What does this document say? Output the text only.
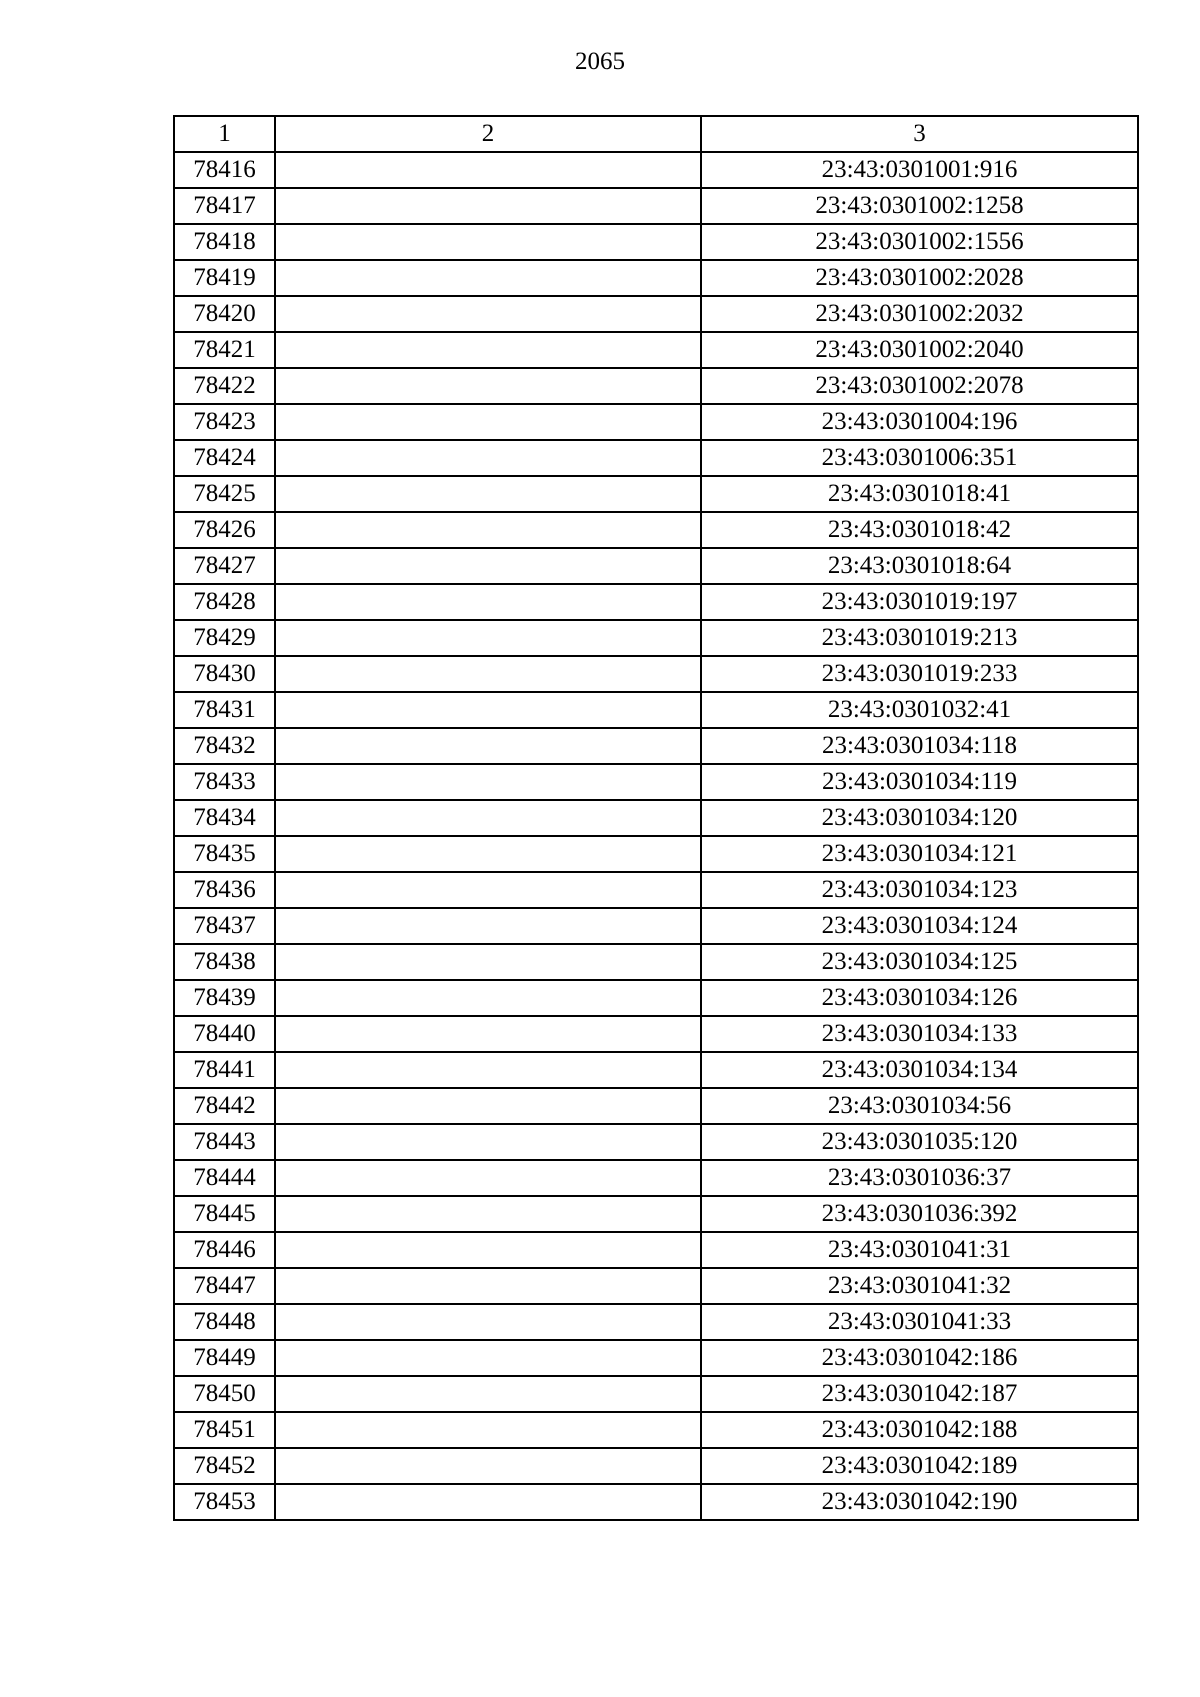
2065
1	2	3
78416		23:43:0301001:916
78417		23:43:0301002:1258
78418		23:43:0301002:1556
78419		23:43:0301002:2028
78420		23:43:0301002:2032
78421		23:43:0301002:2040
78422		23:43:0301002:2078
78423		23:43:0301004:196
78424		23:43:0301006:351
78425		23:43:0301018:41
78426		23:43:0301018:42
78427		23:43:0301018:64
78428		23:43:0301019:197
78429		23:43:0301019:213
78430		23:43:0301019:233
78431		23:43:0301032:41
78432		23:43:0301034:118
78433		23:43:0301034:119
78434		23:43:0301034:120
78435		23:43:0301034:121
78436		23:43:0301034:123
78437		23:43:0301034:124
78438		23:43:0301034:125
78439		23:43:0301034:126
78440		23:43:0301034:133
78441		23:43:0301034:134
78442		23:43:0301034:56
78443		23:43:0301035:120
78444		23:43:0301036:37
78445		23:43:0301036:392
78446		23:43:0301041:31
78447		23:43:0301041:32
78448		23:43:0301041:33
78449		23:43:0301042:186
78450		23:43:0301042:187
78451		23:43:0301042:188
78452		23:43:0301042:189
78453		23:43:0301042:190
